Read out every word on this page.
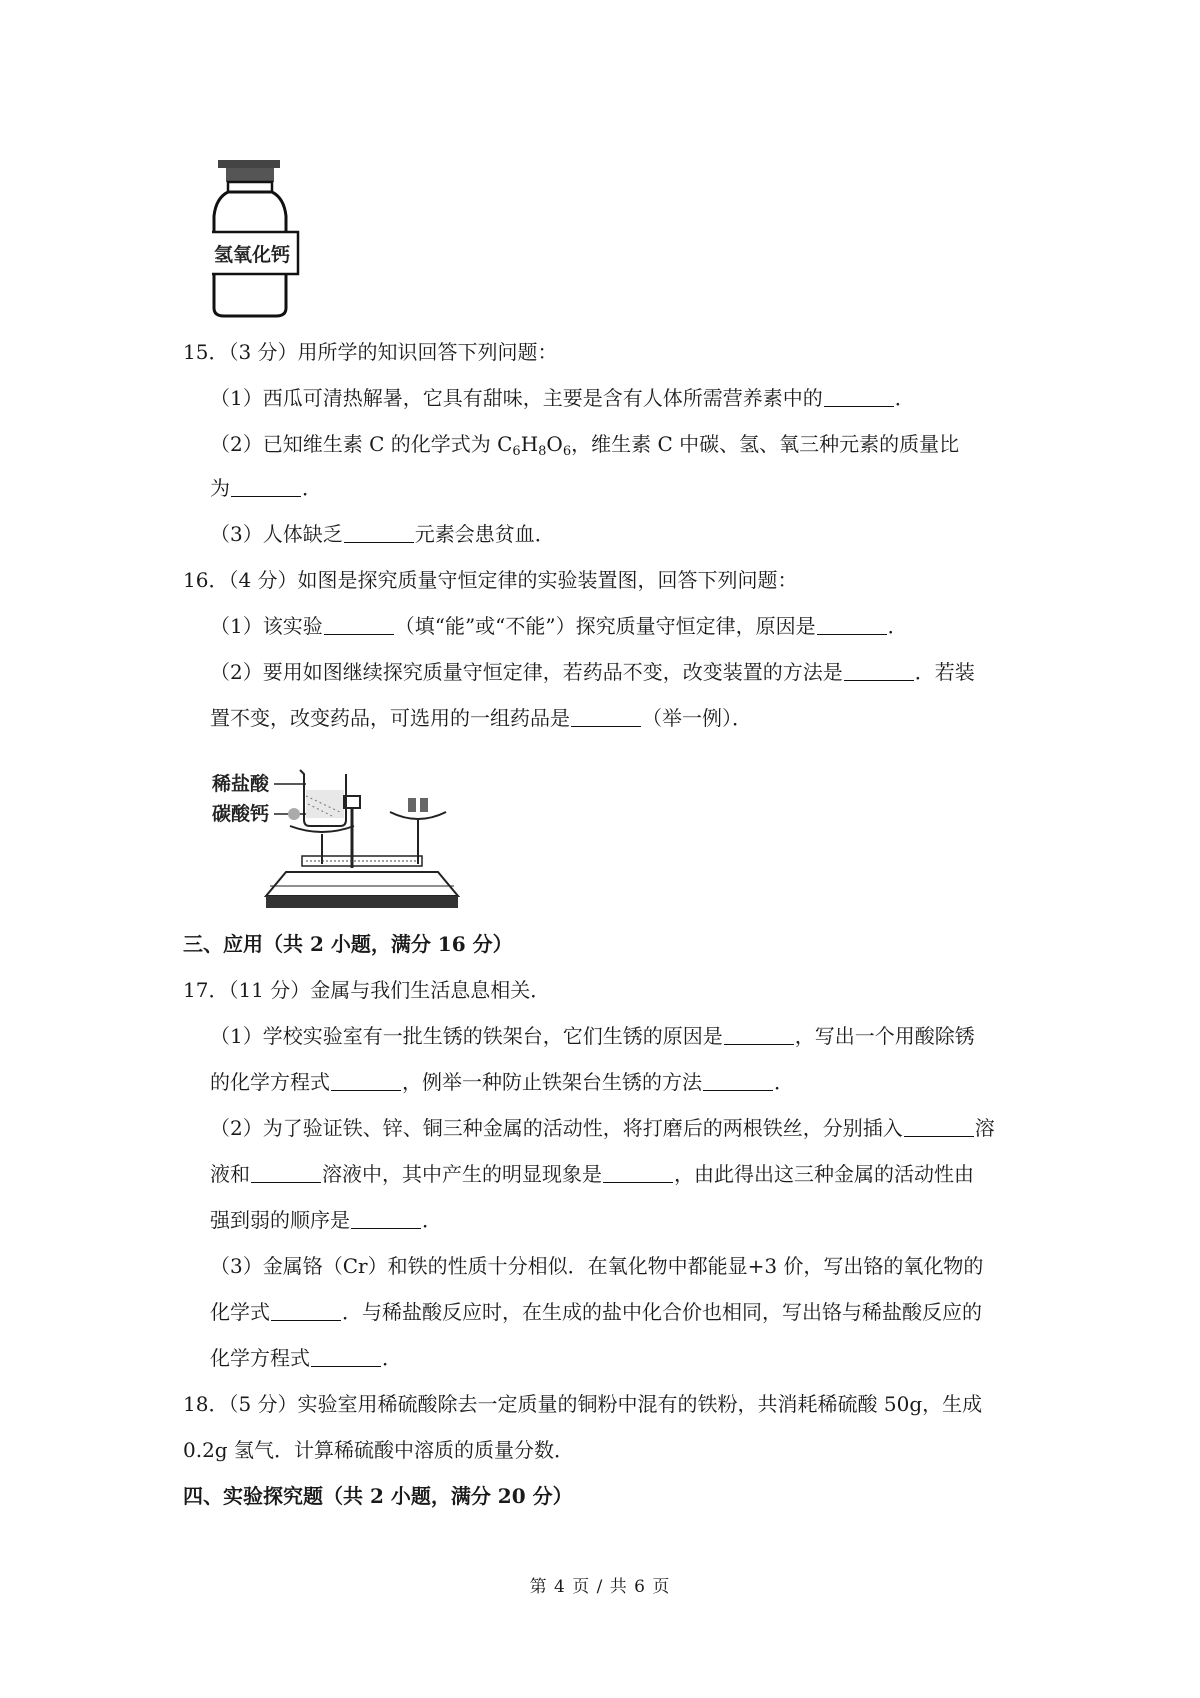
氢氧化钙
15．（3 分）用所学的知识回答下列问题：
（1）西瓜可清热解暑，它具有甜味，主要是含有人体所需营养素中的	．
（2）已知维生素 C 的化学式为 $C_6H_8O_6$，维生素 C 中碳、氢、氧三种元素的质量比
为	．
（3）人体缺乏	元素会患贫血．
16．（4 分）如图是探究质量守恒定律的实验装置图，回答下列问题：
（1）该实验	（填“能”或“不能”）探究质量守恒定律，原因是	．
（2）要用如图继续探究质量守恒定律，若药品不变，改变装置的方法是	．若装
置不变，改变药品，可选用的一组药品是	（举一例）．
稀盐酸
碳酸钙
三、应用（共 2 小题，满分 16 分）
17．（11 分）金属与我们生活息息相关．
（1）学校实验室有一批生锈的铁架台，它们生锈的原因是	，写出一个用酸除锈
的化学方程式	，例举一种防止铁架台生锈的方法	．
（2）为了验证铁、锌、铜三种金属的活动性，将打磨后的两根铁丝，分别插入	溶
液和	溶液中，其中产生的明显现象是	，由此得出这三种金属的活动性由
强到弱的顺序是	．
（3）金属铬（Cr）和铁的性质十分相似．在氧化物中都能显+3 价，写出铬的氧化物的
化学式	．与稀盐酸反应时，在生成的盐中化合价也相同，写出铬与稀盐酸反应的
化学方程式	．
18．（5 分）实验室用稀硫酸除去一定质量的铜粉中混有的铁粉，共消耗稀硫酸 50g，生成
0.2g 氢气．计算稀硫酸中溶质的质量分数．
四、实验探究题（共 2 小题，满分 20 分）
第 4 页 / 共 6 页
